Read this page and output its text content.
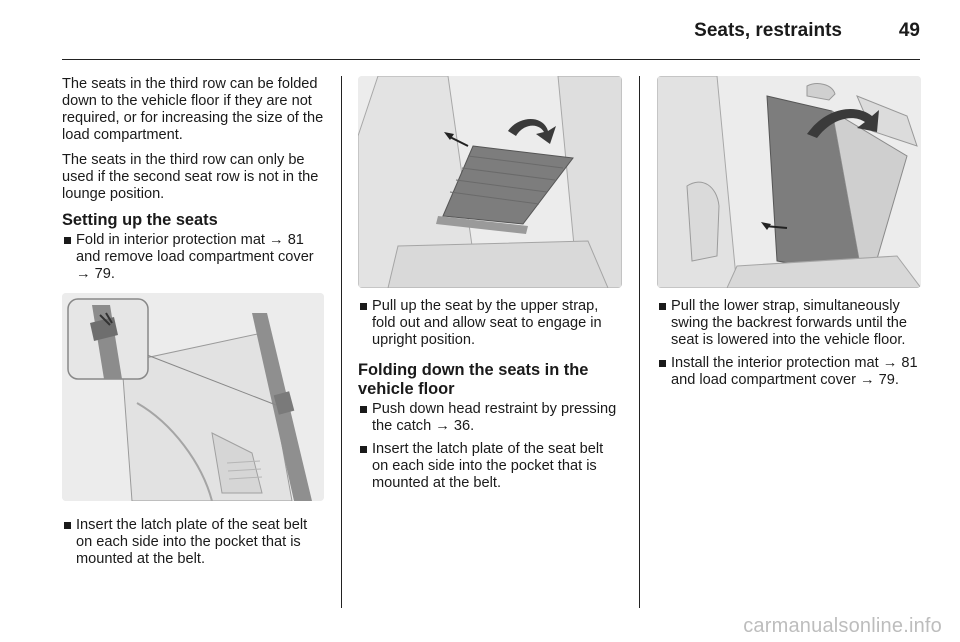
Seats, restraints	49

The seats in the third row can be folded down to the vehicle floor if they are not required, or for increasing the size of the load compartment.

The seats in the third row can only be used if the second seat row is not in the lounge position.

Setting up the seats
Fold in interior protection mat → 81 and remove load compartment cover → 79.
Insert the latch plate of the seat belt on each side into the pocket that is mounted at the belt.
Pull up the seat by the upper strap, fold out and allow seat to engage in upright position.
Folding down the seats in the vehicle floor
Push down head restraint by pressing the catch → 36.
Insert the latch plate of the seat belt on each side into the pocket that is mounted at the belt.
Pull the lower strap, simultaneously swing the backrest forwards until the seat is lowered into the vehicle floor.
Install the interior protection mat → 81 and load compartment cover → 79.
carmanualsonline.info
